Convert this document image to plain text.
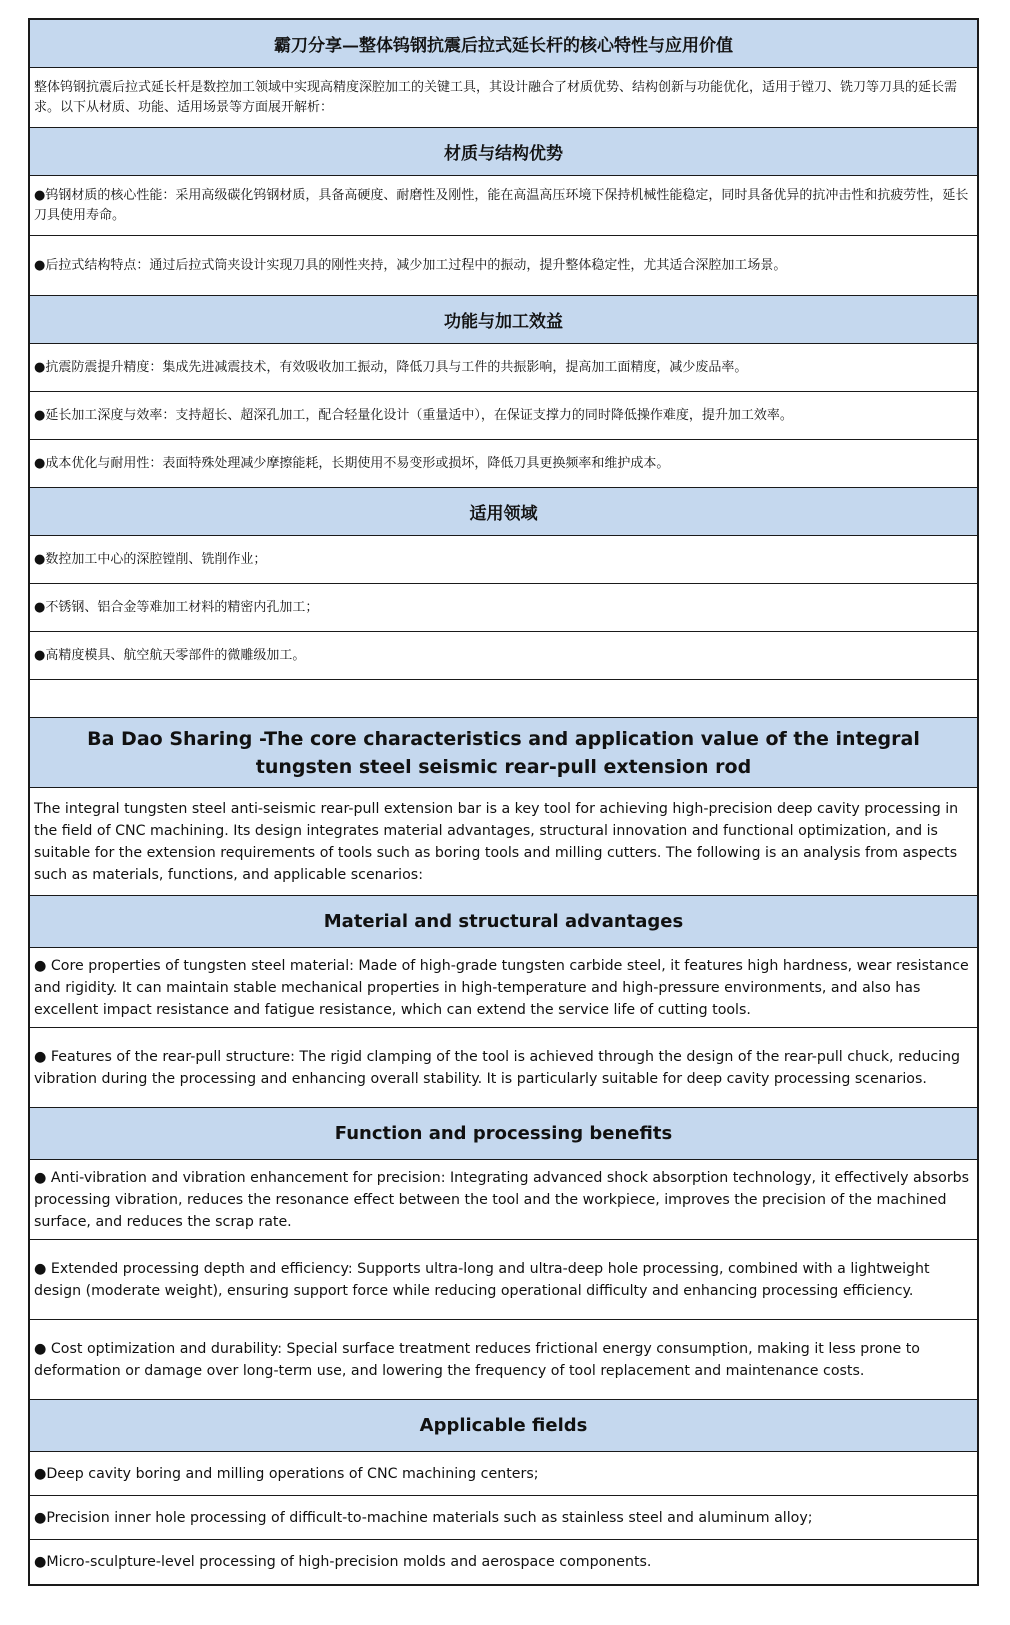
霸刀分享—整体钨钢抗震后拉式延长杆的核心特性与应用价值
整体钨钢抗震后拉式延长杆是数控加工领域中实现高精度深腔加工的关键工具，其设计融合了材质优势、结构创新与功能优化，适用于镗刀、铣刀等刀具的延长需求。以下从材质、功能、适用场景等方面展开解析：
材质与结构优势
●钨钢材质的核心性能：采用高级碳化钨钢材质，具备高硬度、耐磨性及刚性，能在高温高压环境下保持机械性能稳定，同时具备优异的抗冲击性和抗疲劳性，延长刀具使用寿命。
●后拉式结构特点：通过后拉式筒夹设计实现刀具的刚性夹持，减少加工过程中的振动，提升整体稳定性，尤其适合深腔加工场景。
功能与加工效益
●抗震防震提升精度：集成先进减震技术，有效吸收加工振动，降低刀具与工件的共振影响，提高加工面精度，减少废品率。
●延长加工深度与效率：支持超长、超深孔加工，配合轻量化设计（重量适中），在保证支撑力的同时降低操作难度，提升加工效率。
●成本优化与耐用性：表面特殊处理减少摩擦能耗，长期使用不易变形或损坏，降低刀具更换频率和维护成本。
适用领域
●数控加工中心的深腔镗削、铣削作业；
●不锈钢、铝合金等难加工材料的精密内孔加工；
●高精度模具、航空航天零部件的微雕级加工。
Ba Dao Sharing -The core characteristics and application value of the integral tungsten steel seismic rear-pull extension rod
The integral tungsten steel anti-seismic rear-pull extension bar is a key tool for achieving high-precision deep cavity processing in the field of CNC machining. Its design integrates material advantages, structural innovation and functional optimization, and is suitable for the extension requirements of tools such as boring tools and milling cutters. The following is an analysis from aspects such as materials, functions, and applicable scenarios:
Material and structural advantages
● Core properties of tungsten steel material: Made of high-grade tungsten carbide steel, it features high hardness, wear resistance and rigidity. It can maintain stable mechanical properties in high-temperature and high-pressure environments, and also has excellent impact resistance and fatigue resistance, which can extend the service life of cutting tools.
● Features of the rear-pull structure: The rigid clamping of the tool is achieved through the design of the rear-pull chuck, reducing vibration during the processing and enhancing overall stability. It is particularly suitable for deep cavity processing scenarios.
Function and processing benefits
● Anti-vibration and vibration enhancement for precision: Integrating advanced shock absorption technology, it effectively absorbs processing vibration, reduces the resonance effect between the tool and the workpiece, improves the precision of the machined surface, and reduces the scrap rate.
● Extended processing depth and efficiency: Supports ultra-long and ultra-deep hole processing, combined with a lightweight design (moderate weight), ensuring support force while reducing operational difficulty and enhancing processing efficiency.
● Cost optimization and durability: Special surface treatment reduces frictional energy consumption, making it less prone to deformation or damage over long-term use, and lowering the frequency of tool replacement and maintenance costs.
Applicable fields
●Deep cavity boring and milling operations of CNC machining centers;
●Precision inner hole processing of difficult-to-machine materials such as stainless steel and aluminum alloy;
●Micro-sculpture-level processing of high-precision molds and aerospace components.
